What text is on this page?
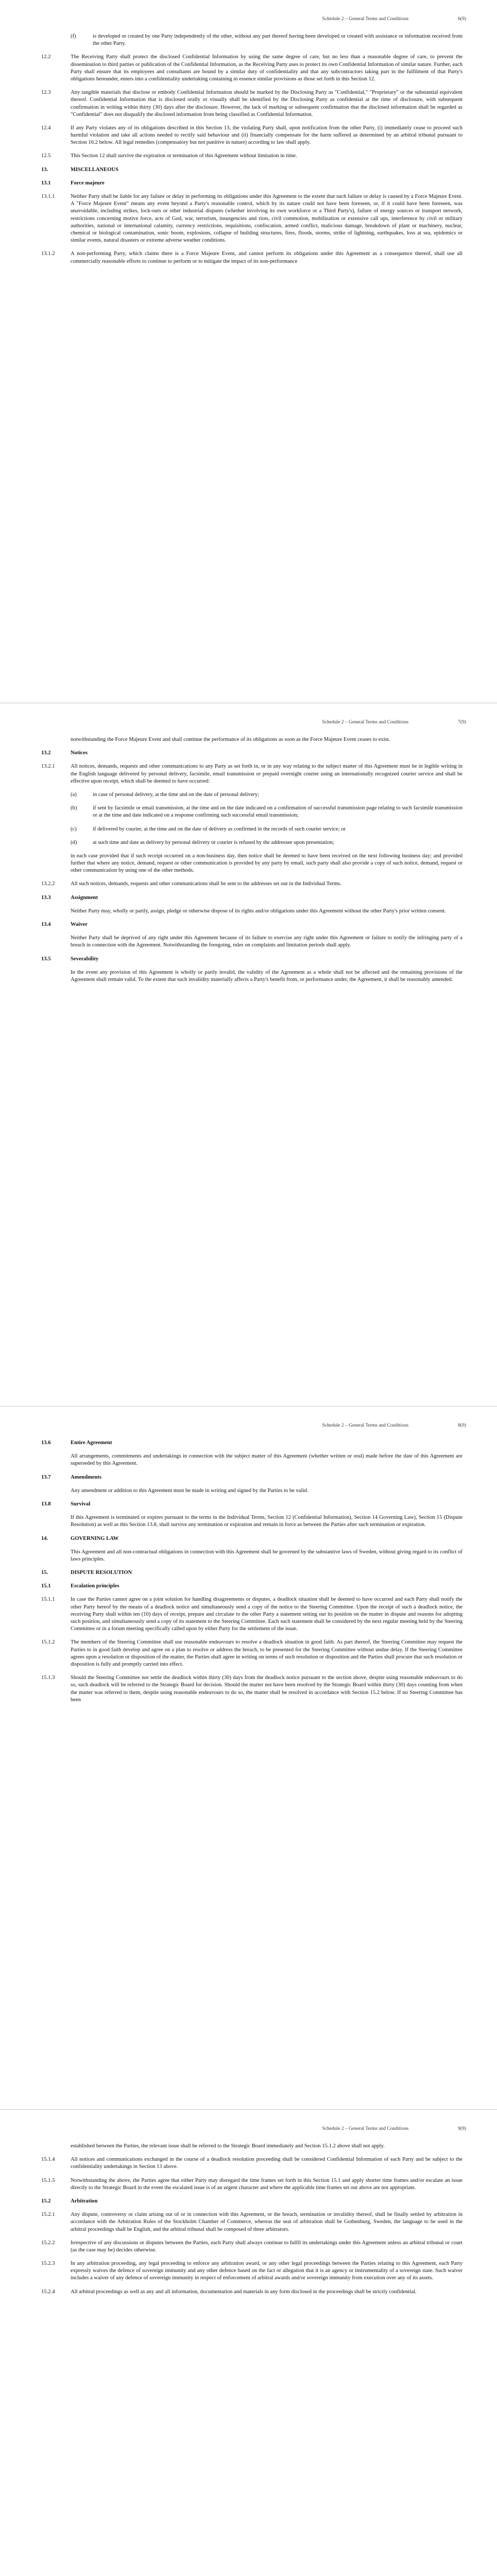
Schedule 2 – General Terms and Conditions	6(9)
(f)	is developed or created by one Party independently of the other, without any part thereof having been developed or created with assistance or information received from the other Party.
12.2	The Receiving Party shall protect the disclosed Confidential Information by using the same degree of care, but no less than a reasonable degree of care, to prevent the dissemination to third parties or publication of the Confidential Information, as the Receiving Party uses to protect its own Confidential Information of similar nature. Further, each Party shall ensure that its employees and consultants are bound by a similar duty of confidentiality and that any subcontractors taking part in the fulfilment of that Party's obligations hereunder, enters into a confidentiality undertaking containing in essence similar provisions as those set forth in this Section 12.
12.3	Any tangible materials that disclose or embody Confidential Information should be marked by the Disclosing Party as "Confidential," "Proprietary" or the substantial equivalent thereof. Confidential Information that is disclosed orally or visually shall be identified by the Disclosing Party as confidential at the time of disclosure, with subsequent confirmation in writing within thirty (30) days after the disclosure. However, the lack of marking or subsequent confirmation that the disclosed information shall be regarded as "Confidential" does not disqualify the disclosed information from being classified as Confidential Information.
12.4	If any Party violates any of its obligations described in this Section 13, the violating Party shall, upon notification from the other Party, (i) immediately cease to proceed such harmful violation and take all actions needed to rectify said behaviour and (ii) financially compensate for the harm suffered as determined by an arbitral tribunal pursuant to Section 16.2 below. All legal remedies (compensatory but not punitive in nature) according to law shall apply.
12.5	This Section 12 shall survive the expiration or termination of this Agreement without limitation in time.
13.	MISCELLANEOUS
13.1	Force majeure
13.1.1	Neither Party shall be liable for any failure or delay in performing its obligations under this Agreement to the extent that such failure or delay is caused by a Force Majeure Event. A "Force Majeure Event" means any event beyond a Party's reasonable control, which by its nature could not have been foreseen, or, if it could have been foreseen, was unavoidable, including strikes, lock-outs or other industrial disputes (whether involving its own workforce or a Third Party's), failure of energy sources or transport network, restrictions concerning motive force, acts of God, war, terrorism, insurgencies and riots, civil commotion, mobilization or extensive call ups, interference by civil or military authorities, national or international calamity, currency restrictions, requisitions, confiscation, armed conflict, malicious damage, breakdown of plant or machinery, nuclear, chemical or biological contamination, sonic boom, explosions, collapse of building structures, fires, floods, storms, strike of lightning, earthquakes, loss at sea, epidemics or similar events, natural disasters or extreme adverse weather conditions.
13.1.2	A non-performing Party, which claims there is a Force Majeure Event, and cannot perform its obligations under this Agreement as a consequence thereof, shall use all commercially reasonable efforts to continue to perform or to mitigate the impact of its non-performance
Schedule 2 – General Terms and Conditions	7(9)
notwithstanding the Force Majeure Event and shall continue the performance of its obligations as soon as the Force Majeure Event ceases to exist.
13.2	Notices
13.2.1	All notices, demands, requests and other communications to any Party as set forth in, or in any way relating to the subject matter of this Agreement must be in legible writing in the English language delivered by personal delivery, facsimile, email transmission or prepaid overnight courier using an internationally recognized courier service and shall be effective upon receipt, which shall be deemed to have occurred:
(a)	in case of personal delivery, at the time and on the date of personal delivery;
(b)	if sent by facsimile or email transmission, at the time and on the date indicated on a confirmation of successful transmission page relating to such facsimile transmission or at the time and date indicated on a response confirming such successful email transmission;
(c)	if delivered by courier, at the time and on the date of delivery as confirmed in the records of such courier service; or
(d)	at such time and date as delivery by personal delivery or courier is refused by the addressee upon presentation;
in each case provided that if such receipt occurred on a non-business day, then notice shall be deemed to have been received on the next following business day; and provided further that where any notice, demand, request or other communication is provided by any party by email, such party shall also provide a copy of such notice, demand, request or other communication by using one of the other methods.
13.2.2	All such notices, demands, requests and other communications shall be sent to the addresses set out in the Individual Terms.
13.3	Assignment
Neither Party may, wholly or partly, assign, pledge or otherwise dispose of its rights and/or obligations under this Agreement without the other Party's prior written consent.
13.4	Waiver
Neither Party shall be deprived of any right under this Agreement because of its failure to exercise any right under this Agreement or failure to notify the infringing party of a breach in connection with the Agreement. Notwithstanding the foregoing, rules on complaints and limitation periods shall apply.
13.5	Severability
In the event any provision of this Agreement is wholly or partly invalid, the validity of the Agreement as a whole shall not be affected and the remaining provisions of the Agreement shall remain valid. To the extent that such invalidity materially affects a Party's benefit from, or performance under, the Agreement, it shall be reasonably amended.
Schedule 2 – General Terms and Conditions	8(9)
13.6	Entire Agreement
All arrangements, commitments and undertakings in connection with the subject matter of this Agreement (whether written or oral) made before the date of this Agreement are superseded by this Agreement.
13.7	Amendments
Any amendment or addition to this Agreement must be made in writing and signed by the Parties to be valid.
13.8	Survival
If this Agreement is terminated or expires pursuant to the terms in the Individual Terms, Section 12 (Confidential Information), Section 14 Governing Law), Section 15 (Dispute Resolution) as well as this Section 13.8, shall survive any termination or expiration and remain in force as between the Parties after such termination or expiration.
14.	GOVERNING LAW
This Agreement and all non-contractual obligations in connection with this Agreement shall be governed by the substantive laws of Sweden, without giving regard to its conflict of laws principles.
15.	DISPUTE RESOLUTION
15.1	Escalation principles
15.1.1	In case the Parties cannot agree on a joint solution for handling disagreements or disputes, a deadlock situation shall be deemed to have occurred and each Party shall notify the other Party hereof by the means of a deadlock notice and simultaneously send a copy of the notice to the Steering Committee. Upon the receipt of such a deadlock notice, the receiving Party shall within ten (10) days of receipt, prepare and circulate to the other Party a statement setting out its position on the matter in dispute and reasons for adopting such position, and simultaneously send a copy of its statement to the Steering Committee. Each such statement shall be considered by the next regular meeting held by the Steering Committee or in a forum meeting specifically called upon by either Party for the settlement of the issue.
15.1.2	The members of the Steering Committee shall use reasonable endeavours to resolve a deadlock situation in good faith. As part thereof, the Steering Committee may request the Parties to in good faith develop and agree on a plan to resolve or address the breach, to be presented for the Steering Committee without undue delay. If the Steering Committee agrees upon a resolution or disposition of the matter, the Parties shall agree in writing on terms of such resolution or disposition and the Parties shall procure that such resolution or disposition is fully and promptly carried into effect.
15.1.3	Should the Steering Committee not settle the deadlock within thirty (30) days from the deadlock notice pursuant to the section above, despite using reasonable endeavours to do so, such deadlock will be referred to the Strategic Board for decision. Should the matter not have been resolved by the Strategic Board within thirty (30) days counting from when the matter was referred to them, despite using reasonable endeavours to do so, the matter shall be resolved in accordance with Section 15.2 below. If no Steering Committee has been
Schedule 2 – General Terms and Conditions	9(9)
established between the Parties, the relevant issue shall be referred to the Strategic Board immediately and Section 15.1.2 above shall not apply.
15.1.4	All notices and communications exchanged in the course of a deadlock resolution proceeding shall be considered Confidential Information of each Party and be subject to the confidentiality undertakings in Section 13 above.
15.1.5	Notwithstanding the above, the Parties agree that either Party may disregard the time frames set forth in this Section 15.1 and apply shorter time frames and/or escalate an issue directly to the Strategic Board in the event the escalated issue is of an urgent character and where the applicable time frames set out above are not appropriate.
15.2	Arbitration
15.2.1	Any dispute, controversy or claim arising out of or in connection with this Agreement, or the breach, termination or invalidity thereof, shall be finally settled by arbitration in accordance with the Arbitration Rules of the Stockholm Chamber of Commerce, whereas the seat of arbitration shall be Gothenburg, Sweden, the language to be used in the arbitral proceedings shall be English, and the arbitral tribunal shall be composed of three arbitrators.
15.2.2	Irrespective of any discussions or disputes between the Parties, each Party shall always continue to fulfil its undertakings under this Agreement unless an arbitral tribunal or court (as the case may be) decides otherwise.
15.2.3	In any arbitration proceeding, any legal proceeding to enforce any arbitration award, or any other legal proceedings between the Parties relating to this Agreement, each Party expressly waives the defence of sovereign immunity and any other defence based on the fact or allegation that it is an agency or instrumentality of a sovereign state. Such waiver includes a waiver of any defence of sovereign immunity in respect of enforcement of arbitral awards and/or sovereign immunity from execution over any of its assets.
15.2.4	All arbitral proceedings as well as any and all information, documentation and materials in any form disclosed in the proceedings shall be strictly confidential.
